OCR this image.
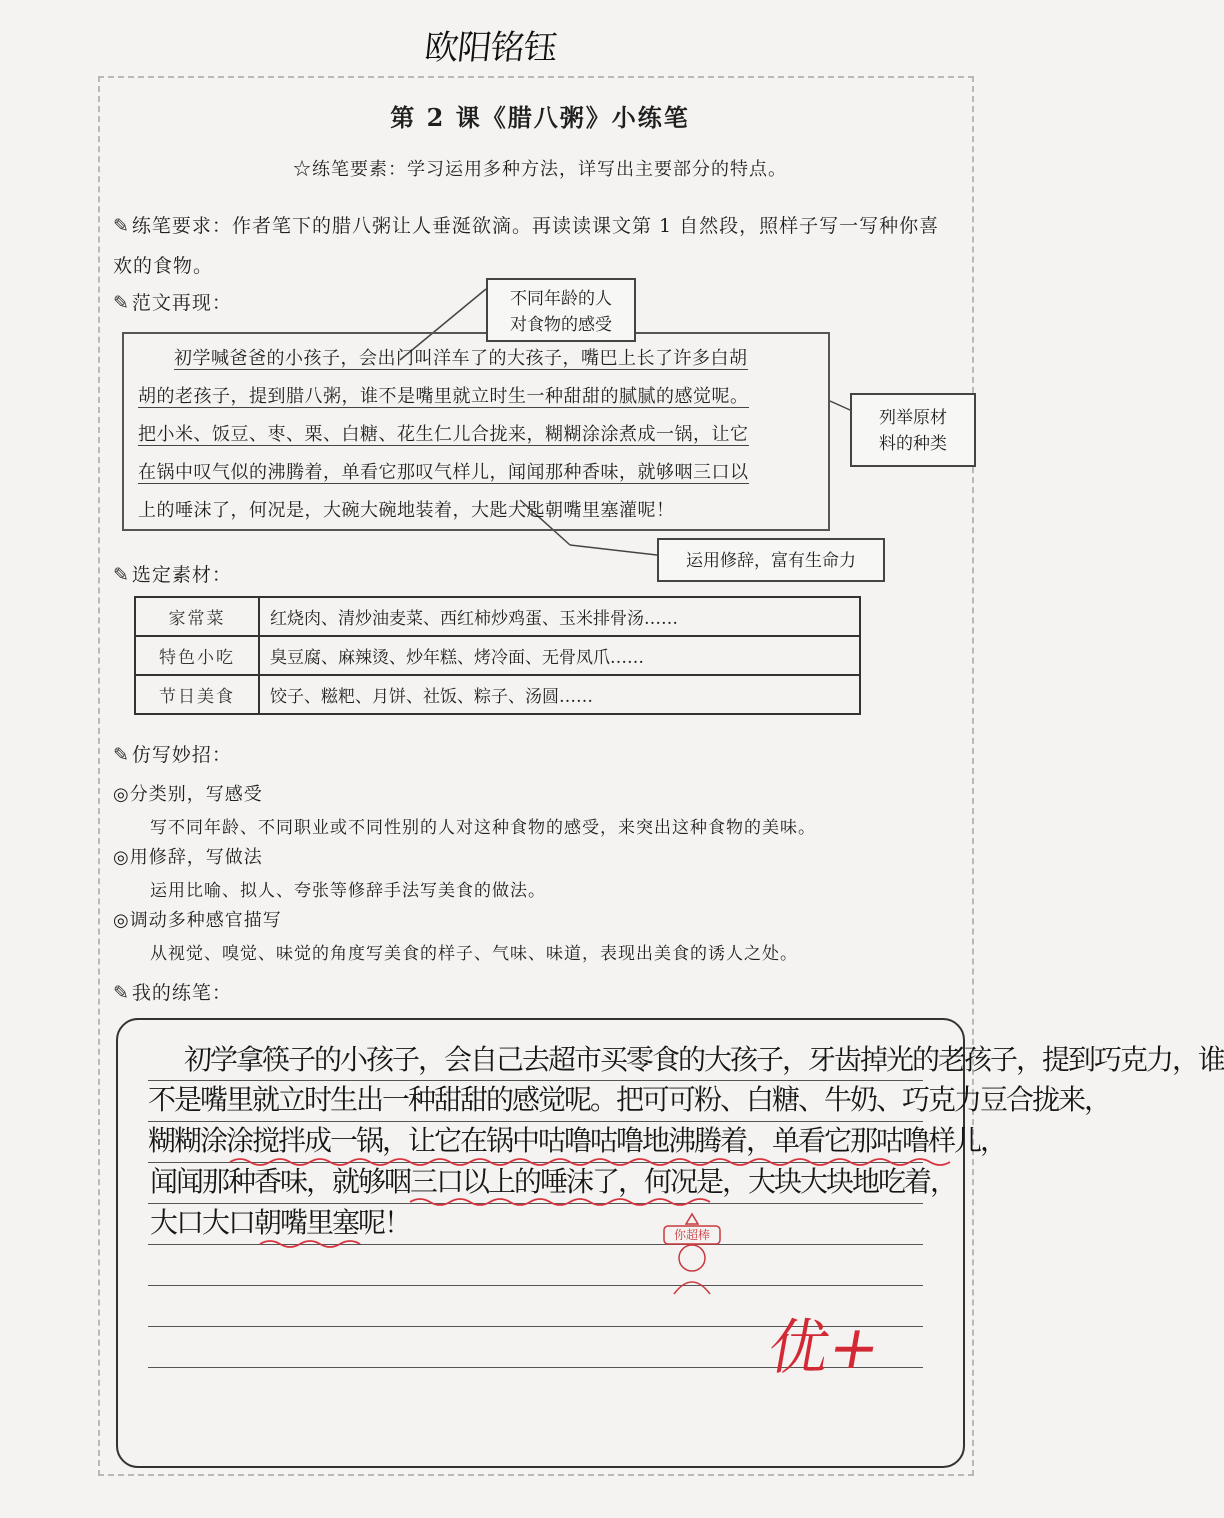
欧阳铭钰
第 2 课《腊八粥》小练笔
☆练笔要素：学习运用多种方法，详写出主要部分的特点。
✎ 练笔要求：作者笔下的腊八粥让人垂涎欲滴。再读读课文第 1 自然段，照样子写一写种你喜
欢的食物。
✎ 范文再现：
初学喊爸爸的小孩子，会出门叫洋车了的大孩子，嘴巴上长了许多白胡
胡的老孩子，提到腊八粥，谁不是嘴里就立时生一种甜甜的腻腻的感觉呢。
把小米、饭豆、枣、栗、白糖、花生仁儿合拢来，糊糊涂涂煮成一锅，让它
在锅中叹气似的沸腾着，单看它那叹气样儿，闻闻那种香味，就够咽三口以
上的唾沫了，何况是，大碗大碗地装着，大匙大匙朝嘴里塞灌呢！
不同年龄的人
对食物的感受
列举原材
料的种类
运用修辞，富有生命力
✎ 选定素材：
家常菜	红烧肉、清炒油麦菜、西红柿炒鸡蛋、玉米排骨汤……
特色小吃	臭豆腐、麻辣烫、炒年糕、烤冷面、无骨凤爪……
节日美食	饺子、糍粑、月饼、社饭、粽子、汤圆……
✎ 仿写妙招：
◎分类别，写感受
写不同年龄、不同职业或不同性别的人对这种食物的感受，来突出这种食物的美味。
◎用修辞，写做法
运用比喻、拟人、夸张等修辞手法写美食的做法。
◎调动多种感官描写
从视觉、嗅觉、味觉的角度写美食的样子、气味、味道，表现出美食的诱人之处。
✎ 我的练笔：
初学拿筷子的小孩子，会自己去超市买零食的大孩子，牙齿掉光的老孩子，提到巧克力，谁
不是嘴里就立时生出一种甜甜的感觉呢。把可可粉、白糖、牛奶、巧克力豆合拢来，
糊糊涂涂搅拌成一锅，让它在锅中咕噜咕噜地沸腾着，单看它那咕噜样儿，
闻闻那种香味，就够咽三口以上的唾沫了，何况是，大块大块地吃着，
大口大口朝嘴里塞呢！	你超棒
优+
